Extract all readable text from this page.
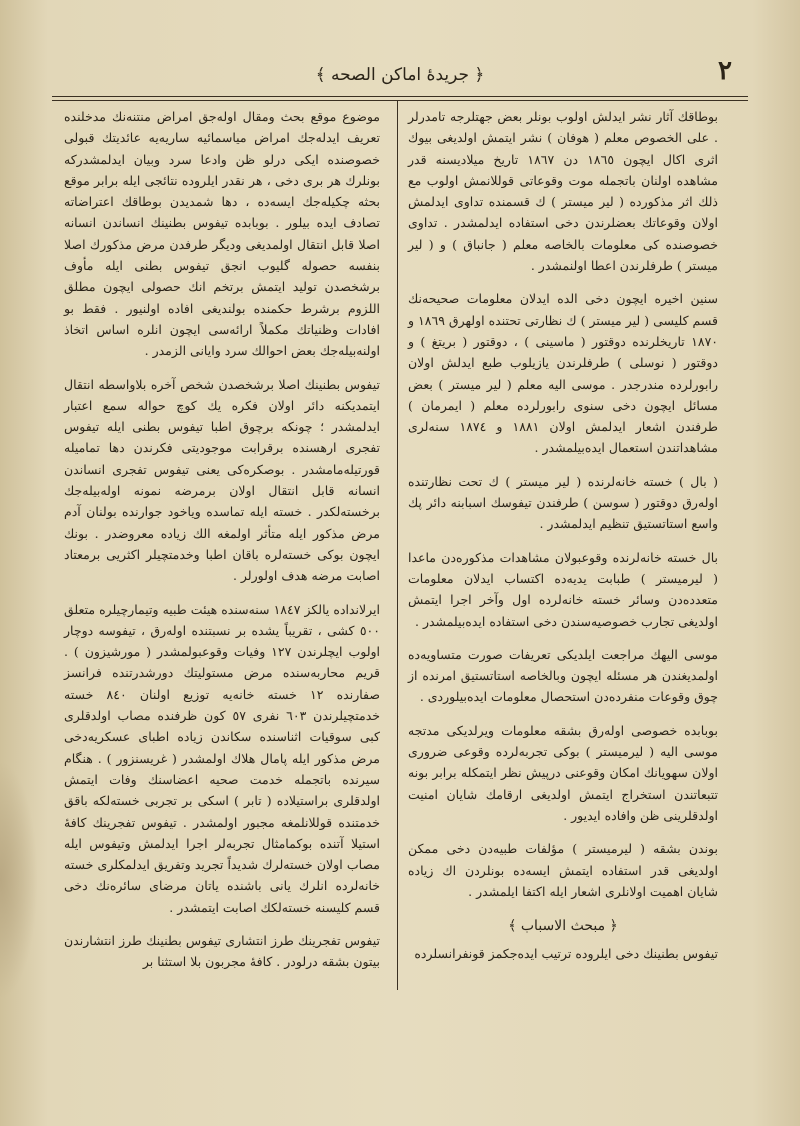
۲
﴿ جريدهٔ اماكن الصحه ﴾

بوطاقك آثار نشر ايدلش اولوب بونلر بعض جهتلرجه تامدرلر . على الخصوص معلم ( هوفان ) نشر ايتمش اولديغى بيوك اثرى اكال ايچون ۱۸٦٥ دن ۱۸٦۷ تاريخ ميلاديسنه قدر مشاهده اولنان باتجمله موت وقوعاتى قوللانمش اولوب مع ذلك اثر مذكورده ( لير ميستر ) ك قسمنده تداوى ايدلمش اولان وقوعاتك بعضلرندن دخى استفاده ايدلمشدر . تداوى خصوصنده كى معلومات بالخاصه معلم ( جانباق ) و ( لير ميستر ) طرفلرندن اعطا اولنمشدر .

سنين اخيره ايچون دخى الده ايدلان معلومات صحيحه‌نك قسم كليسى ( لير ميستر ) ك نظارتى تحتنده اولهرق ۱۸٦۹ و ۱۸۷۰ تاريخلرنده دوقتور ( ماسينى ) ، دوقتور ( بريتغ ) و دوقتور ( نوسلى ) طرفلرندن يازيلوب طبع ايدلش اولان رابورلرده مندرجدر . موسى اليه معلم ( لير ميستر ) بعض مسائل ايچون دخى سنوى رابورلرده معلم ( ايمرمان ) طرفندن اشعار ايدلمش اولان ۱۸۸۱ و ۱۸۷٤ سنه‌لرى مشاهداتندن استعمال ايده‌بيلمشدر .

( بال ) خسته خانه‌لرنده ( لير ميستر ) ك تحت نظارتنده اوله‌رق دوقتور ( سوسن ) طرفندن تيفوسك اسبابنه دائر پك واسع استاتستيق تنظيم ايدلمشدر .

بال خسته خانه‌لرنده وقوعبولان مشاهدات مذكوره‌دن ماعدا ( ليرميستر ) طبابت يديه‌ده اكتساب ايدلان معلومات متعدده‌دن وسائر خسته خانه‌لرده اول وآخر اجرا ايتمش اولديغى تجارب خصوصيه‌سندن دخى استفاده ايده‌بيلمشدر .

موسى اليهك مراجعت ايلديكى تعريفات صورت متساويه‌ده اولمديغندن هر مسئله ايچون وبالخاصه استاتستيق امرنده از چوق وقوعات منفرده‌دن استحصال معلومات ايده‌بيلوردى .

بوبابده خصوصى اوله‌رق بشقه معلومات ويرلديكى مدتجه موسى اليه ( ليرميستر ) بوكى تجربه‌لرده وقوعى ضرورى اولان سهويانك امكان وقوعنى درپيش نظر ايتمكله برابر بونه تتبعاتندن استخراج ايتمش اولديغى ارقامك شايان امنيت اولدقلرينى ظن وافاده ايديور .

بوندن بشقه ( ليرميستر ) مؤلفات طبيه‌دن دخى ممكن اولديغى قدر استفاده ايتمش ايسه‌ده بونلردن اك زياده شايان اهميت اولانلرى اشعار ايله اكتفا ايلمشدر .

﴿ مبحث الاسباب ﴾

تيفوس بطنينك دخى ايلروده ترتيب ايده‌جكمز قونفرانسلرده

موضوع موقع بحث ومقال اوله‌جق امراض منتنه‌نك مدخلنده تعريف ايدله‌جك امراض مياسمائيه ساريه‌يه عائديتك قبولى خصوصنده ايكى درلو ظن وادعا سرد وبيان ايدلمشدركه بونلرك هر برى دخى ، هر نقدر ايلروده نتائجى ايله برابر موقع بحثه چكيله‌جك ايسه‌ده ، دها شمديدن بوطاقك اعتراضاته تصادف ايده بيلور . بوبابده تيفوس بطنينك انساندن انسانه اصلا قابل انتقال اولمديغى وديگر طرفدن مرض مذكورك اصلا بنفسه حصوله گليوب انجق تيفوس بطنى ايله مأوف برشخصدن توليد ايتمش برتخم انك حصولى ايچون مطلق اللزوم برشرط حكمنده بولنديغى افاده اولنيور . فقط بو افادات وظنياتك مكملاً ارائه‌سى ايچون انلره اساس اتخاذ اولنه‌بيله‌جك بعض احوالك سرد وايانى الزمدر .

تيفوس بطنينك اصلا برشخصدن شخص آخره بلاواسطه انتقال ايتمديكنه دائر اولان فكره يك كوچ حواله سمع اعتبار ايدلمشدر ؛ چونكه برچوق اطبا تيفوس بطنى ايله تيفوس تفجرى ارهسنده برقرابت موجوديتى فكرندن دها تماميله قورتيله‌مامشدر . بوصكره‌كى يعنى تيفوس تفجرى انساندن انسانه قابل انتقال اولان برمرضه نمونه اوله‌بيله‌جك برخسته‌لكدر . خسته ايله تماسده وياخود جوارنده بولنان آدم مرض مذكور ايله متأثر اولمغه الك زياده معروضدر . بونك ايچون بوكى خسته‌لره باقان اطبا وخدمتچيلر اكثريى برمعتاد اصابت مرضه هدف اولورلر .

ايرلانداده يالكز ۱۸٤۷ سنه‌سنده هيئت طبيه وتيمارچيلره متعلق ٥٠٠ كشى ، تقريباً يشده بر نسبتنده اوله‌رق ، تيفوسه دوچار اولوب ايچلرندن ۱۲۷ وفيات وقوعبولمشدر ( مورشيزون ) . قريم محاربه‌سنده مرض مستوليتك دورشدرتنده فرانسز صفارنده ۱۲ خسته خانه‌يه توزيع اولنان ۸٤۰ خسته خدمتچيلرندن ٦۰۳ نفرى ٥۷ كون ظرفنده مصاب اولدقلرى كبى سوقيات اثناسنده سكاندن زياده اطباى عسكريه‌دخى مرض مذكور ايله پامال هلاك اولمشدر ( غريسنزور ) . هنگام سيرنده باتجمله خدمت صحيه اعضاسنك وفات ايتمش اولدقلرى براستيلاده ( تابر ) اسكى بر تجربى خسته‌لكه باقق خدمتنده قوللانلمغه مجبور اولمشدر . تيفوس تفجرينك كافهٔ استيلا آتنده بوكمامثال تجربه‌لر اجرا ايدلمش وتيفوس ايله مصاب اولان خسته‌لرك شديداً تجريد وتفريق ايدلمكلرى خسته خانه‌لرده انلرك يانى باشنده ياتان مرضاى سائره‌نك دخى قسم كليسنه خسته‌لكك اصابت ايتمشدر .

تيفوس تفجرينك طرز انتشارى تيفوس بطنينك طرز انتشارندن بيتون بشقه درلودر . كافهٔ مجربون بلا استثنا بر
